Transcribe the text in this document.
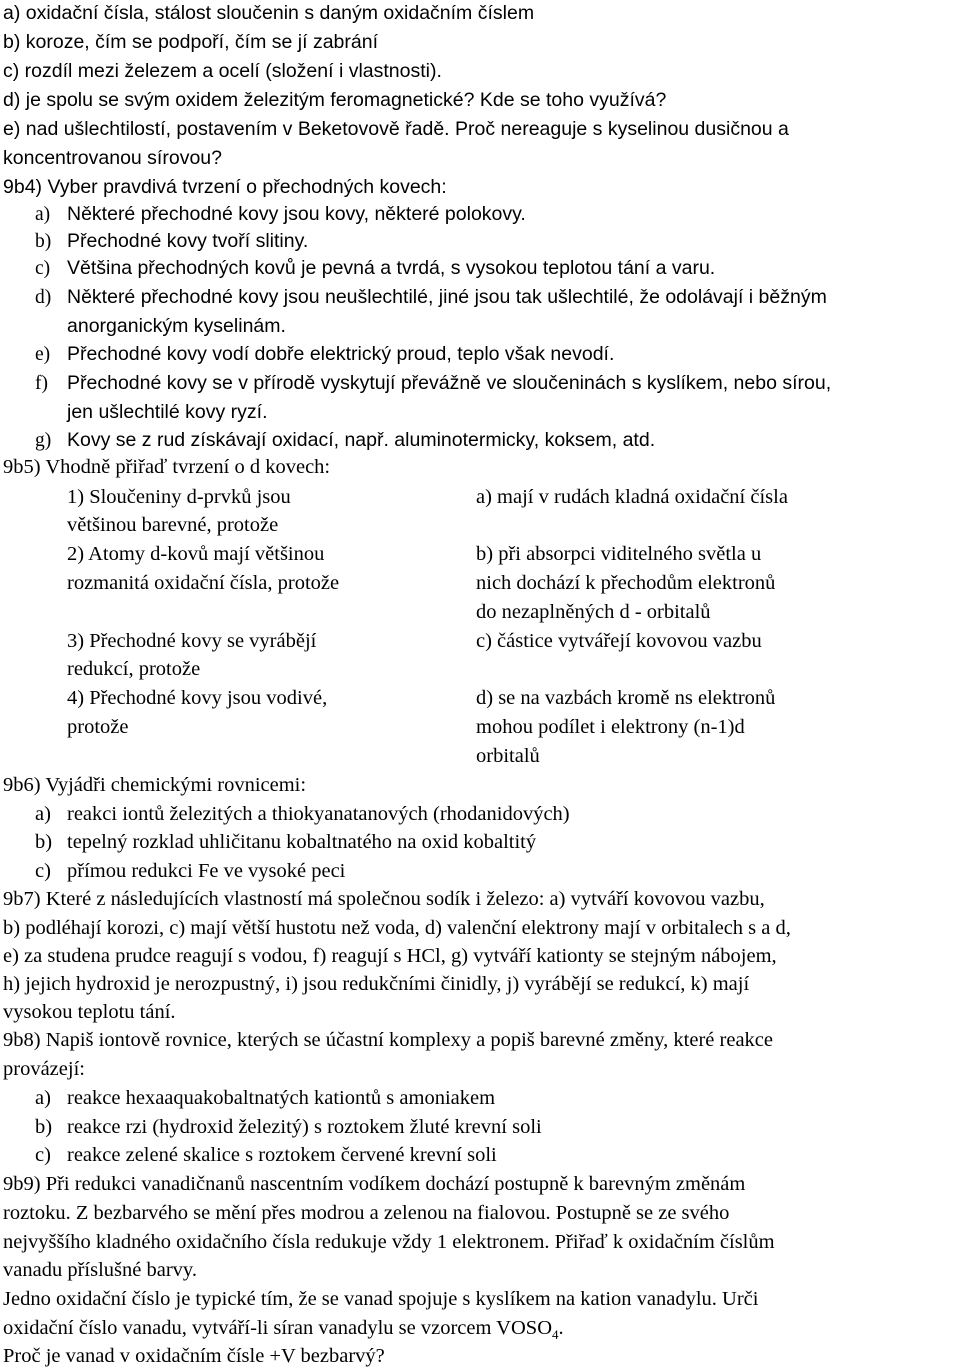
a) oxidační čísla, stálost sloučenin s daným oxidačním číslem
b) koroze, čím se podpoří, čím se jí zabrání
c) rozdíl mezi železem a ocelí (složení i vlastnosti).
d) je spolu se svým oxidem železitým feromagnetické? Kde se toho využívá?
e) nad ušlechtilostí, postavením v Beketovově řadě. Proč nereaguje s kyselinou dusičnou a
koncentrovanou sírovou?
9b4) Vyber pravdivá tvrzení o přechodných kovech:
a) Některé přechodné kovy jsou kovy, některé polokovy.
b) Přechodné kovy tvoří slitiny.
c) Většina přechodných kovů je pevná a tvrdá, s vysokou teplotou tání a varu.
d) Některé přechodné kovy jsou neušlechtilé, jiné jsou tak ušlechtilé, že odolávají i běžným
anorganickým kyselinám.
e) Přechodné kovy vodí dobře elektrický proud, teplo však nevodí.
f) Přechodné kovy se v přírodě vyskytují převážně ve sloučeninách s kyslíkem, nebo sírou,
jen ušlechtilé kovy ryzí.
g) Kovy se z rud získávají oxidací, např. aluminotermicky, koksem, atd.
9b5) Vhodně přiřaď tvrzení o d kovech:
1) Sloučeniny d-prvků jsou
většinou barevné, protože
2) Atomy d-kovů mají většinou
rozmanitá oxidační čísla, protože
3) Přechodné kovy se vyrábějí
redukcí, protože
4) Přechodné kovy jsou vodivé,
protože
a) mají v rudách kladná oxidační čísla
b) při absorpci viditelného světla u
nich dochází k přechodům elektronů
do nezaplněných d - orbitalů
c) částice vytvářejí kovovou vazbu
d) se na vazbách kromě ns elektronů
mohou podílet i elektrony (n-1)d
orbitalů
9b6) Vyjádři chemickými rovnicemi:
a) reakci iontů železitých a thiokyanatanových (rhodanidových)
b) tepelný rozklad uhličitanu kobaltnatého na oxid kobaltitý
c) přímou redukci Fe ve vysoké peci
9b7) Které z následujících vlastností má společnou sodík i železo: a) vytváří kovovou vazbu,
b) podléhají korozi, c) mají větší hustotu než voda, d) valenční elektrony mají v orbitalech s a d,
e) za studena prudce reagují s vodou, f) reagují s HCl, g) vytváří kationty se stejným nábojem,
h) jejich hydroxid je nerozpustný, i) jsou redukčními činidly, j) vyrábějí se redukcí, k) mají
vysokou teplotu tání.
9b8) Napiš iontově rovnice, kterých se účastní komplexy a popiš barevné změny, které reakce
provázejí:
a) reakce hexaaquakobaltnatých kationtů s amoniakem
b) reakce rzi (hydroxid železitý) s roztokem žluté krevní soli
c) reakce zelené skalice s roztokem červené krevní soli
9b9) Při redukci vanadičnanů nascentním vodíkem dochází postupně k barevným změnám
roztoku. Z bezbarvého se mění přes modrou a zelenou na fialovou. Postupně se ze svého
nejvyššího kladného oxidačního čísla redukuje vždy 1 elektronem. Přiřaď k oxidačním číslům
vanadu příslušné barvy.
Jedno oxidační číslo je typické tím, že se vanad spojuje s kyslíkem na kation vanadylu. Urči
oxidační číslo vanadu, vytváří-li síran vanadylu se vzorcem $VOSO_4$.
Proč je vanad v oxidačním čísle +V bezbarvý?
